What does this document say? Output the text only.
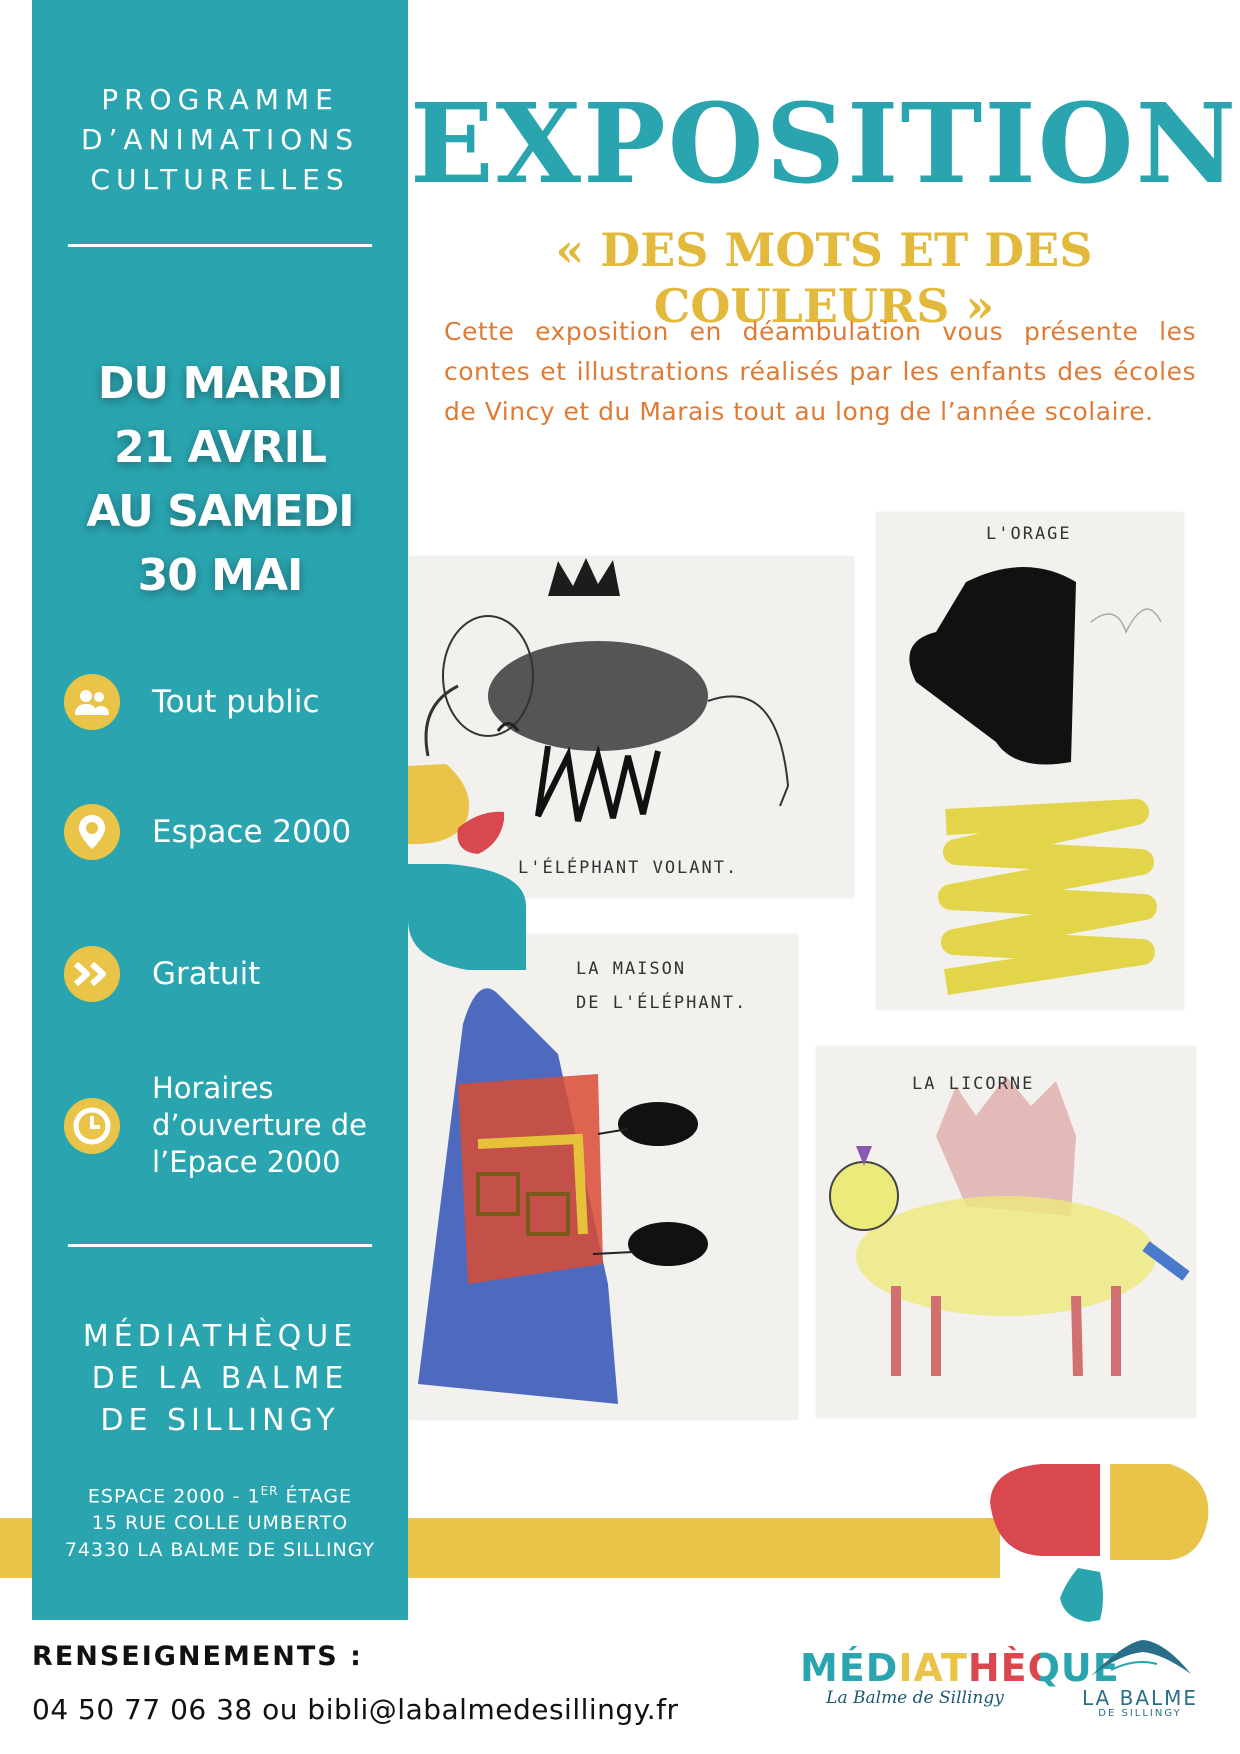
PROGRAMME
D’ANIMATIONS
CULTURELLES
DU MARDI
21 AVRIL
AU SAMEDI
30 MAI
Tout public
Espace 2000
Gratuit
Horaires
d’ouverture de
l’Epace 2000
MÉDIATHÈQUE
DE LA BALME
DE SILLINGY
ESPACE 2000 - 1ER ÉTAGE
15 RUE COLLE UMBERTO
74330 LA BALME DE SILLINGY
EXPOSITION
« DES MOTS ET DES COULEURS »
Cette exposition en déambulation vous présente les contes et illustrations réalisés par les enfants des écoles de Vincy et du Marais tout au long de l’année scolaire.
L'ÉLÉPHANT VOLANT.
L'ORAGE
LA MAISON
DE L'ÉLÉPHANT.
LA LICORNE
RENSEIGNEMENTS :
04 50 77 06 38 ou bibli@labalmedesillingy.fr
MÉDIATHÈQUE
La Balme de Sillingy	LA BALME
DE SILLINGY
